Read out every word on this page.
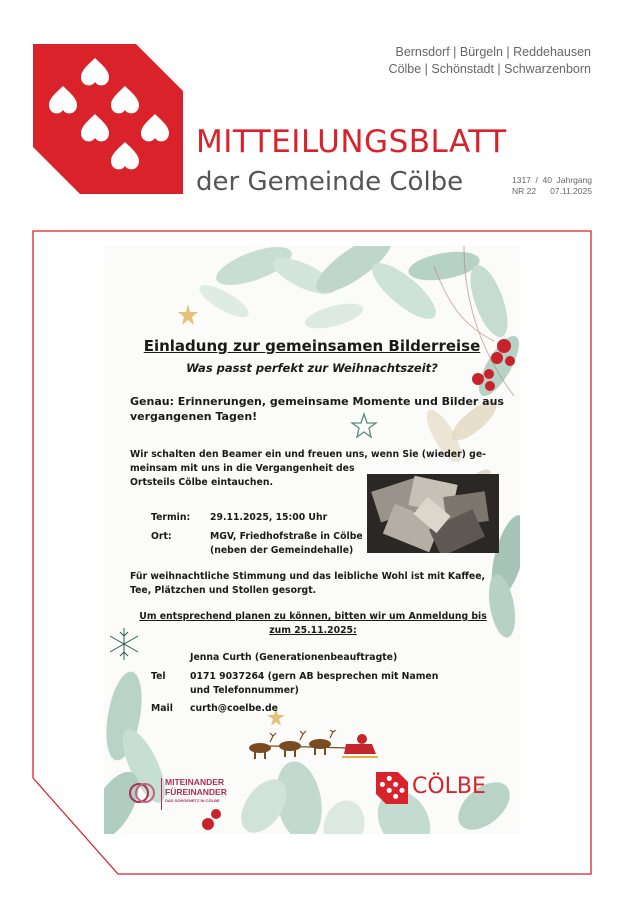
Bernsdorf | Bürgeln | Reddehausen
Cölbe | Schönstadt | Schwarzenborn
MITTEILUNGSBLATT
der Gemeinde Cölbe	1317 / 40 Jahrgang
NR 22 07.11.2025
Einladung zur gemeinsamen Bilderreise
Was passt perfekt zur Weihnachtszeit?
Genau: Erinnerungen, gemeinsame Momente und Bilder aus
vergangenen Tagen!
Wir schalten den Beamer ein und freuen uns, wenn Sie (wieder) ge-
meinsam mit uns in die Vergangenheit des
Ortsteils Cölbe eintauchen.
Termin: 29.11.2025, 15:00 Uhr
Ort:	MGV, Friedhofstraße in Cölbe
(neben der Gemeindehalle)
Für weihnachtliche Stimmung und das leibliche Wohl ist mit Kaffee,
Tee, Plätzchen und Stollen gesorgt.
Um entsprechend planen zu können, bitten wir um Anmeldung bis
zum 25.11.2025:
Jenna Curth (Generationenbeauftragte)
Tel	0171 9037264 (gern AB besprechen mit Namen
und Telefonnummer)
Mail curth@coelbe.de
MITEINANDER
FÜREINANDER
DAS SORGENETZ IN CÖLBE
CÖLBE
